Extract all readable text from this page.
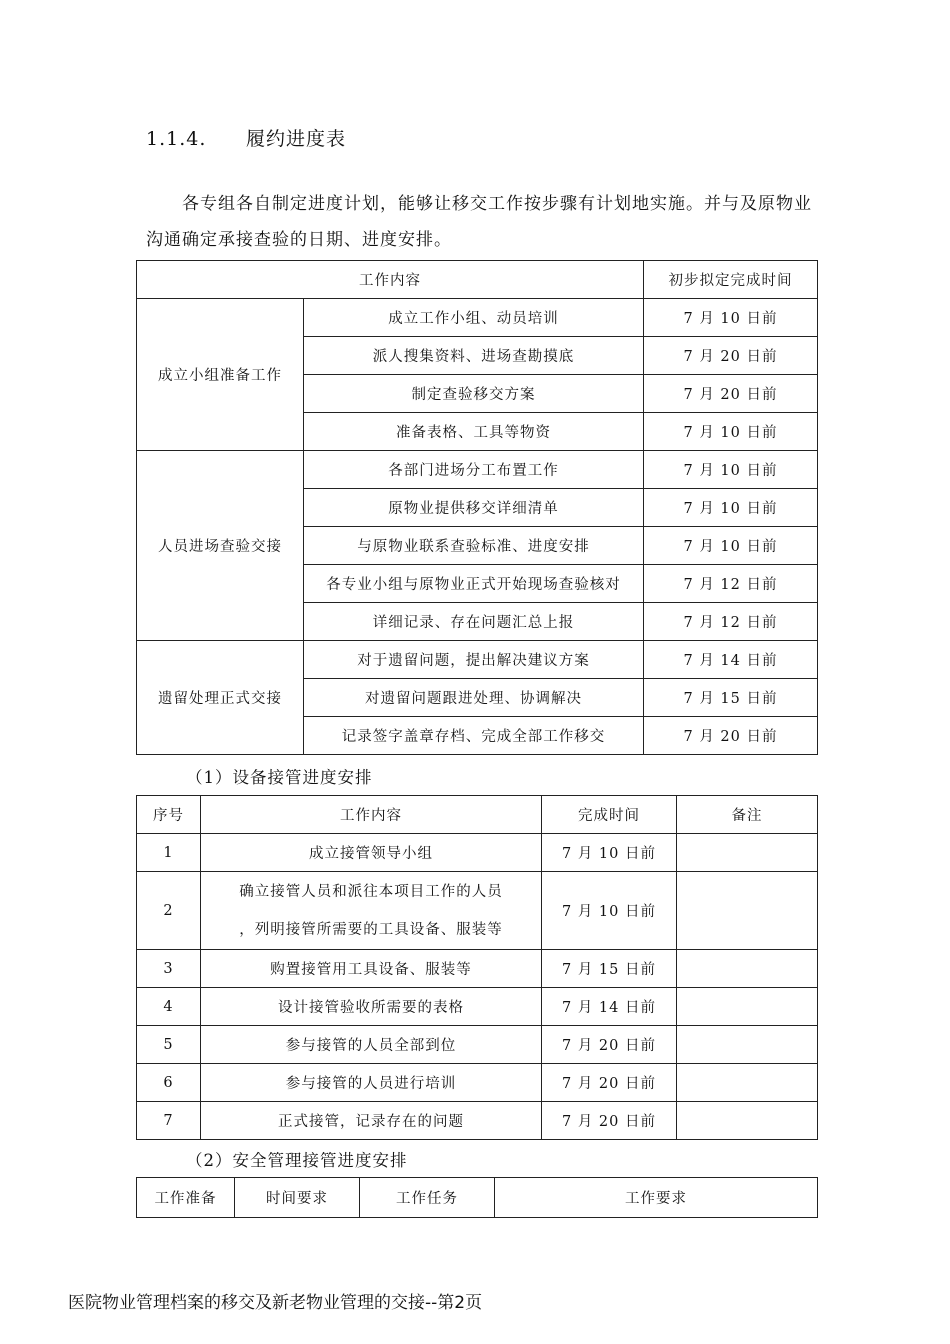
1.1.4. 履约进度表
各专组各自制定进度计划，能够让移交工作按步骤有计划地实施。并与及原物业沟通确定承接查验的日期、进度安排。
工作内容		初步拟定完成时间
成立小组准备工作	成立工作小组、动员培训	7 月 10 日前
	派人搜集资料、进场查勘摸底	7 月 20 日前
	制定查验移交方案	7 月 20 日前
	准备表格、工具等物资	7 月 10 日前
人员进场查验交接	各部门进场分工布置工作	7 月 10 日前
	原物业提供移交详细清单	7 月 10 日前
	与原物业联系查验标准、进度安排	7 月 10 日前
	各专业小组与原物业正式开始现场查验核对	7 月 12 日前
	详细记录、存在问题汇总上报	7 月 12 日前
遗留处理正式交接	对于遗留问题，提出解决建议方案	7 月 14 日前
	对遗留问题跟进处理、协调解决	7 月 15 日前
	记录签字盖章存档、完成全部工作移交	7 月 20 日前
（1）设备接管进度安排
序号	工作内容	完成时间	备注
1	成立接管领导小组	7 月 10 日前	
2	确立接管人员和派往本项目工作的人员
，列明接管所需要的工具设备、服装等	7 月 10 日前	
3	购置接管用工具设备、服装等	7 月 15 日前	
4	设计接管验收所需要的表格	7 月 14 日前	
5	参与接管的人员全部到位	7 月 20 日前	
6	参与接管的人员进行培训	7 月 20 日前	
7	正式接管，记录存在的问题	7 月 20 日前	
（2）安全管理接管进度安排
工作准备	时间要求	工作任务	工作要求
医院物业管理档案的移交及新老物业管理的交接--第2页
